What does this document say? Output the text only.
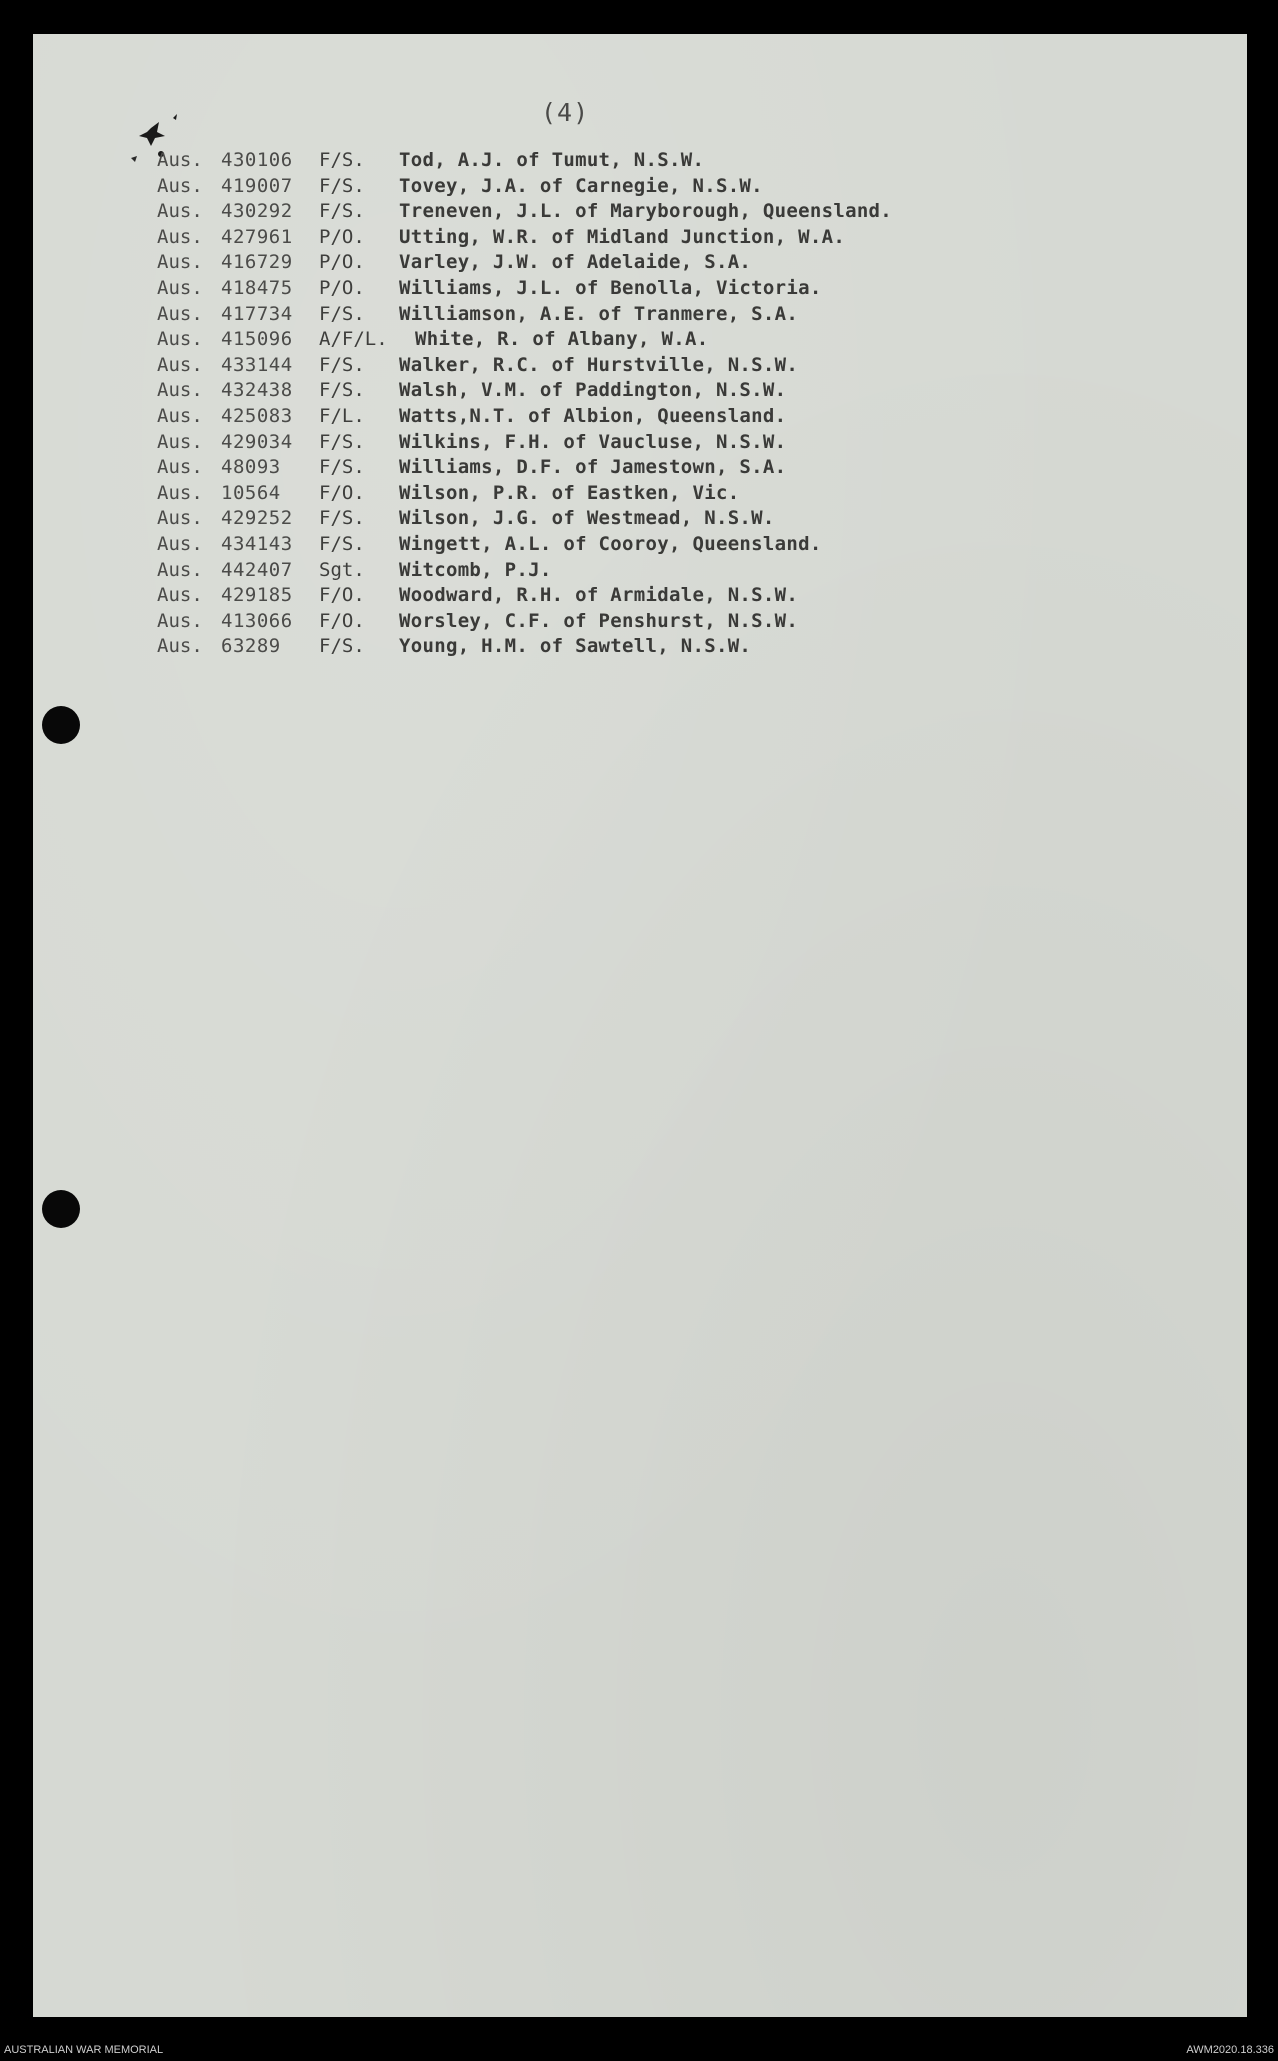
(4)
Aus. 430106 F/S. Tod, A.J. of Tumut, N.S.W.
Aus. 419007 F/S. Tovey, J.A. of Carnegie, N.S.W.
Aus. 430292 F/S. Treneven, J.L. of Maryborough, Queensland.
Aus. 427961 P/O. Utting, W.R. of Midland Junction, W.A.
Aus. 416729 P/O. Varley, J.W. of Adelaide, S.A.
Aus. 418475 P/O. Williams, J.L. of Benolla, Victoria.
Aus. 417734 F/S. Williamson, A.E. of Tranmere, S.A.
Aus. 415096 A/F/L. White, R. of Albany, W.A.
Aus. 433144 F/S. Walker, R.C. of Hurstville, N.S.W.
Aus. 432438 F/S. Walsh, V.M. of Paddington, N.S.W.
Aus. 425083 F/L. Watts,N.T. of Albion, Queensland.
Aus. 429034 F/S. Wilkins, F.H. of Vaucluse, N.S.W.
Aus. 48093 F/S. Williams, D.F. of Jamestown, S.A.
Aus. 10564 F/O. Wilson, P.R. of Eastken, Vic.
Aus. 429252 F/S. Wilson, J.G. of Westmead, N.S.W.
Aus. 434143 F/S. Wingett, A.L. of Cooroy, Queensland.
Aus. 442407 Sgt. Witcomb, P.J.
Aus. 429185 F/O. Woodward, R.H. of Armidale, N.S.W.
Aus. 413066 F/O. Worsley, C.F. of Penshurst, N.S.W.
Aus. 63289 F/S. Young, H.M. of Sawtell, N.S.W.
AUSTRALIAN WAR MEMORIAL	AWM2020.18.336
